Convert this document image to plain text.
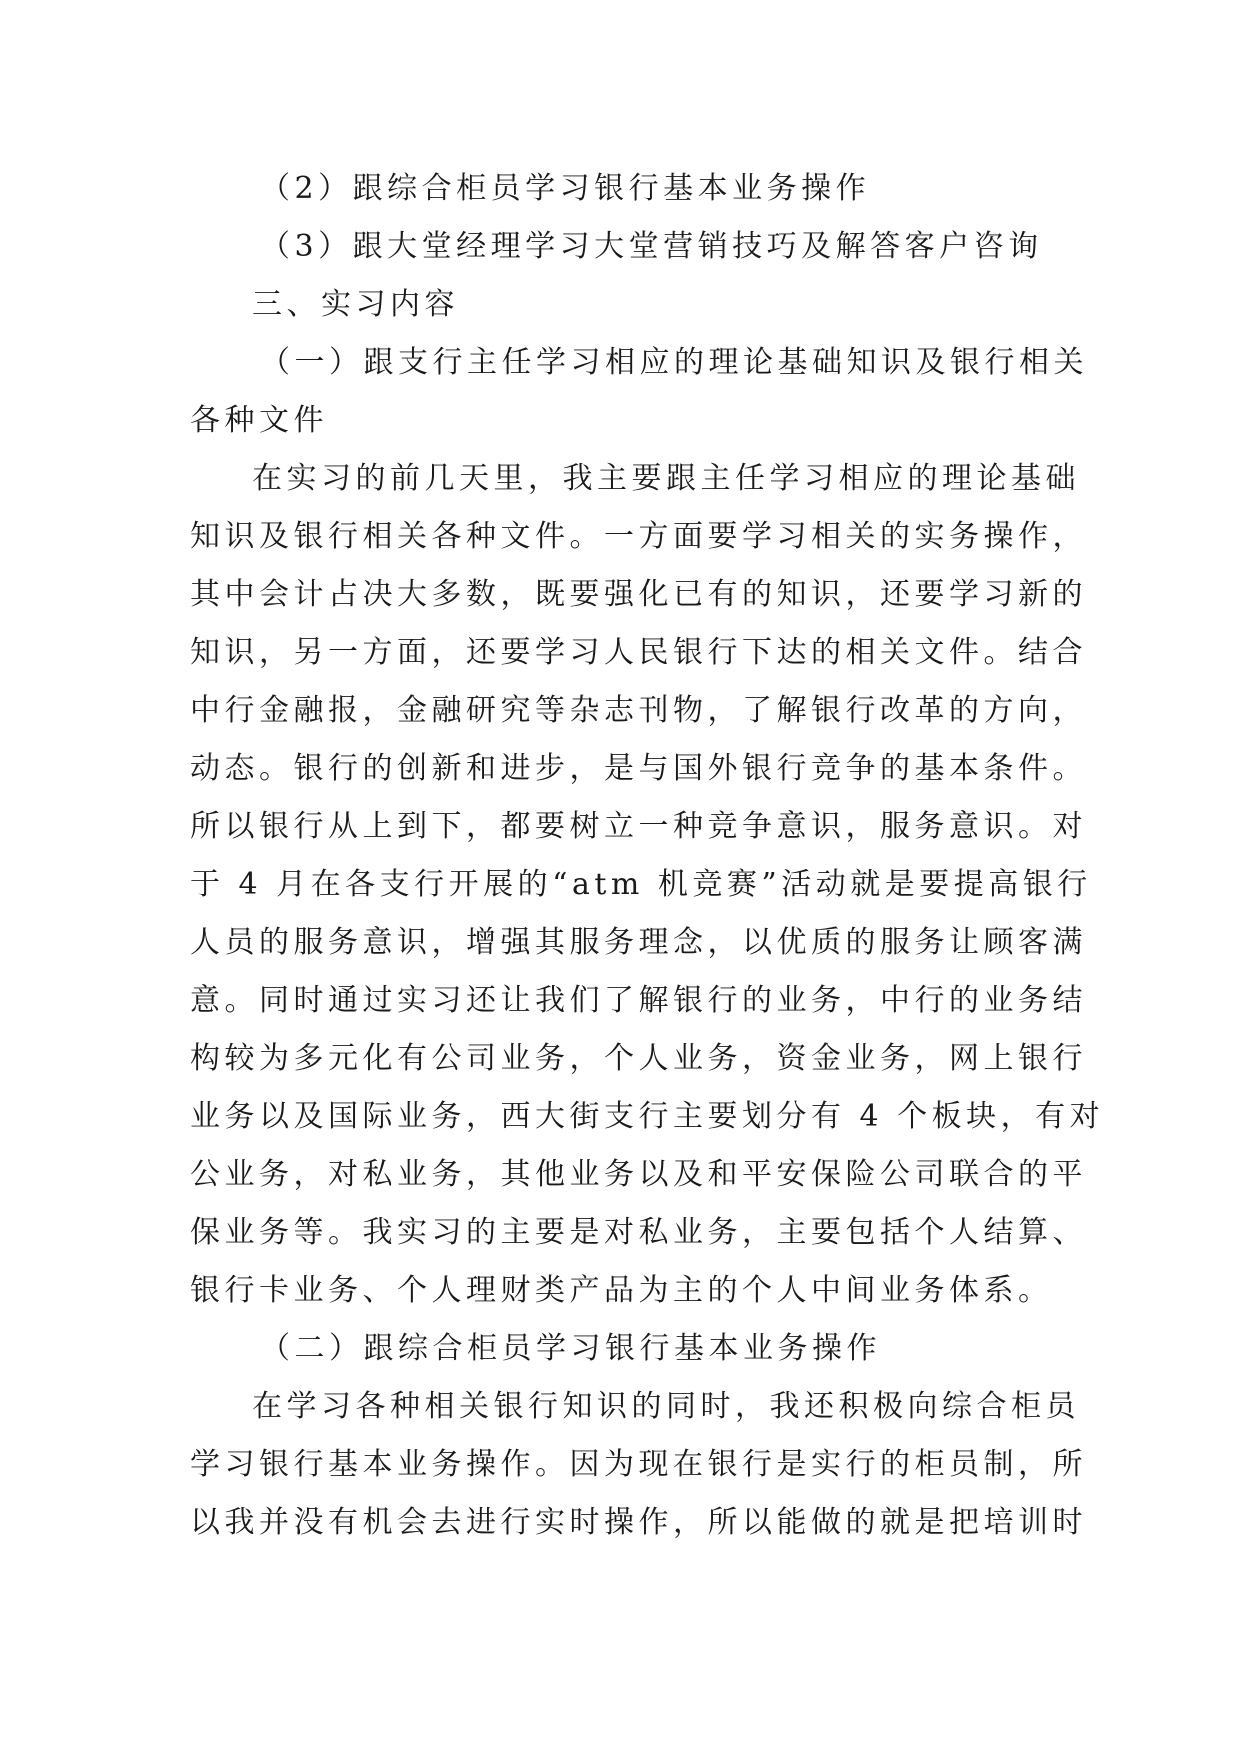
（2）跟综合柜员学习银行基本业务操作
（3）跟大堂经理学习大堂营销技巧及解答客户咨询
三、实习内容
（一）跟支行主任学习相应的理论基础知识及银行相关
各种文件
在实习的前几天里，我主要跟主任学习相应的理论基础
知识及银行相关各种文件。一方面要学习相关的实务操作，
其中会计占决大多数，既要强化已有的知识，还要学习新的
知识，另一方面，还要学习人民银行下达的相关文件。结合
中行金融报，金融研究等杂志刊物，了解银行改革的方向，
动态。银行的创新和进步，是与国外银行竞争的基本条件。
所以银行从上到下，都要树立一种竞争意识，服务意识。对
于 4 月在各支行开展的“atm 机竞赛”活动就是要提高银行
人员的服务意识，增强其服务理念，以优质的服务让顾客满
意。同时通过实习还让我们了解银行的业务，中行的业务结
构较为多元化有公司业务，个人业务，资金业务，网上银行
业务以及国际业务，西大街支行主要划分有 4 个板块，有对
公业务，对私业务，其他业务以及和平安保险公司联合的平
保业务等。我实习的主要是对私业务，主要包括个人结算、
银行卡业务、个人理财类产品为主的个人中间业务体系。
（二）跟综合柜员学习银行基本业务操作
在学习各种相关银行知识的同时，我还积极向综合柜员
学习银行基本业务操作。因为现在银行是实行的柜员制，所
以我并没有机会去进行实时操作，所以能做的就是把培训时
